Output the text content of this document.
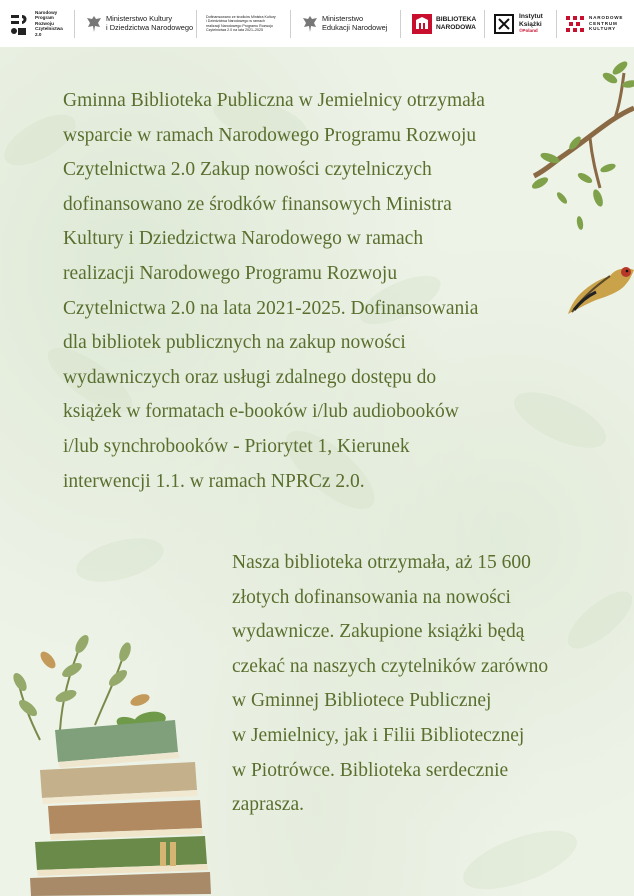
Narodowy
Program
Rozwoju
Czytelnictwa
2.0
Ministerstwo Kultury
i Dziedzictwa Narodowego
Dofinansowano ze środków Ministra Kultury
i Dziedzictwa Narodowego w ramach
realizacji Narodowego Programu Rozwoju
Czytelnictwa 2.0 na lata 2021–2025
Ministerstwo
Edukacji Narodowej
BIBLIOTEKA
NARODOWA
Instytut
Książki
©Poland
NARODOWE
CENTRUM
KULTURY
Gminna Biblioteka Publiczna w Jemielnicy otrzymała
wsparcie w ramach Narodowego Programu Rozwoju
Czytelnictwa 2.0 Zakup nowości czytelniczych
dofinansowano ze środków finansowych Ministra
Kultury i Dziedzictwa Narodowego w ramach
realizacji Narodowego Programu Rozwoju
Czytelnictwa 2.0 na lata 2021-2025. Dofinansowania
dla bibliotek publicznych na zakup nowości
wydawniczych oraz usługi zdalnego dostępu do
książek w formatach e-booków i/lub audiobooków
i/lub synchrobooków - Priorytet 1, Kierunek
interwencji 1.1. w ramach NPRCz 2.0.
Nasza biblioteka otrzymała, aż 15 600
złotych dofinansowania na nowości
wydawnicze. Zakupione książki będą
czekać na naszych czytelników zarówno
w Gminnej Bibliotece Publicznej
w Jemielnicy, jak i Filii Bibliotecznej
w Piotrówce. Biblioteka serdecznie
zaprasza.
